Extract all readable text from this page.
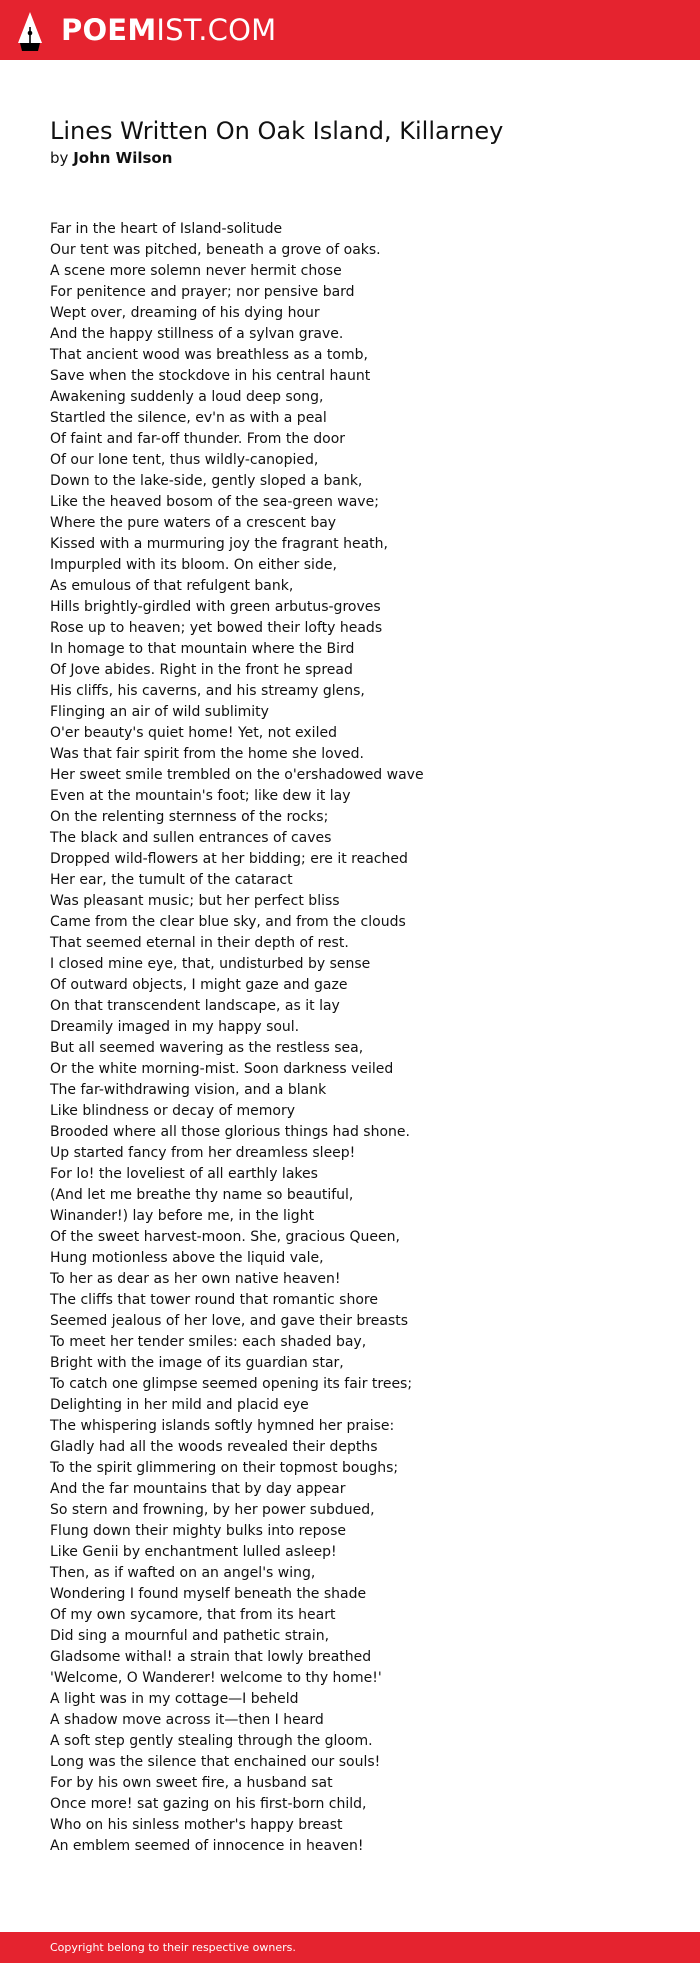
POEMIST.COM
Lines Written On Oak Island, Killarney
by John Wilson
Far in the heart of Island-solitude
Our tent was pitched, beneath a grove of oaks.
A scene more solemn never hermit chose
For penitence and prayer; nor pensive bard
Wept over, dreaming of his dying hour
And the happy stillness of a sylvan grave.
That ancient wood was breathless as a tomb,
Save when the stockdove in his central haunt
Awakening suddenly a loud deep song,
Startled the silence, ev'n as with a peal
Of faint and far-off thunder. From the door
Of our lone tent, thus wildly-canopied,
Down to the lake-side, gently sloped a bank,
Like the heaved bosom of the sea-green wave;
Where the pure waters of a crescent bay
Kissed with a murmuring joy the fragrant heath,
Impurpled with its bloom. On either side,
As emulous of that refulgent bank,
Hills brightly-girdled with green arbutus-groves
Rose up to heaven; yet bowed their lofty heads
In homage to that mountain where the Bird
Of Jove abides. Right in the front he spread
His cliffs, his caverns, and his streamy glens,
Flinging an air of wild sublimity
O'er beauty's quiet home! Yet, not exiled
Was that fair spirit from the home she loved.
Her sweet smile trembled on the o'ershadowed wave
Even at the mountain's foot; like dew it lay
On the relenting sternness of the rocks;
The black and sullen entrances of caves
Dropped wild-flowers at her bidding; ere it reached
Her ear, the tumult of the cataract
Was pleasant music; but her perfect bliss
Came from the clear blue sky, and from the clouds
That seemed eternal in their depth of rest.
I closed mine eye, that, undisturbed by sense
Of outward objects, I might gaze and gaze
On that transcendent landscape, as it lay
Dreamily imaged in my happy soul.
But all seemed wavering as the restless sea,
Or the white morning-mist. Soon darkness veiled
The far-withdrawing vision, and a blank
Like blindness or decay of memory
Brooded where all those glorious things had shone.
Up started fancy from her dreamless sleep!
For lo! the loveliest of all earthly lakes
(And let me breathe thy name so beautiful,
Winander!) lay before me, in the light
Of the sweet harvest-moon. She, gracious Queen,
Hung motionless above the liquid vale,
To her as dear as her own native heaven!
The cliffs that tower round that romantic shore
Seemed jealous of her love, and gave their breasts
To meet her tender smiles: each shaded bay,
Bright with the image of its guardian star,
To catch one glimpse seemed opening its fair trees;
Delighting in her mild and placid eye
The whispering islands softly hymned her praise:
Gladly had all the woods revealed their depths
To the spirit glimmering on their topmost boughs;
And the far mountains that by day appear
So stern and frowning, by her power subdued,
Flung down their mighty bulks into repose
Like Genii by enchantment lulled asleep!
Then, as if wafted on an angel's wing,
Wondering I found myself beneath the shade
Of my own sycamore, that from its heart
Did sing a mournful and pathetic strain,
Gladsome withal! a strain that lowly breathed
'Welcome, O Wanderer! welcome to thy home!'
A light was in my cottage—I beheld
A shadow move across it—then I heard
A soft step gently stealing through the gloom.
Long was the silence that enchained our souls!
For by his own sweet fire, a husband sat
Once more! sat gazing on his first-born child,
Who on his sinless mother's happy breast
An emblem seemed of innocence in heaven!
Copyright belong to their respective owners.
